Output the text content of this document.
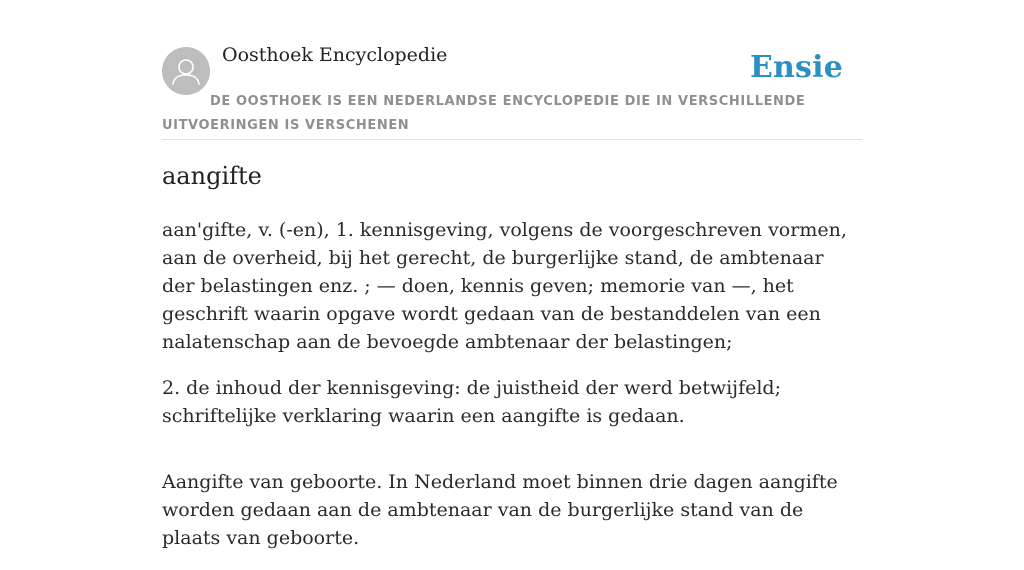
Oosthoek Encyclopedie	Ensie
DE OOSTHOEK IS EEN NEDERLANDSE ENCYCLOPEDIE DIE IN VERSCHILLENDE UITVOERINGEN IS VERSCHENEN
aangifte

aan'gifte, v. (-en), 1. kennisgeving, volgens de voorgeschreven vormen, aan de overheid, bij het gerecht, de burgerlijke stand, de ambtenaar der belastingen enz. ; — doen, kennis geven; memorie van —, het geschrift waarin opgave wordt gedaan van de bestanddelen van een nalatenschap aan de bevoegde ambtenaar der belastingen;

2. de inhoud der kennisgeving: de juistheid der werd betwijfeld; schriftelijke verklaring waarin een aangifte is gedaan.

Aangifte van geboorte. In Nederland moet binnen drie dagen aangifte worden gedaan aan de ambtenaar van de burgerlijke stand van de plaats van geboorte.
